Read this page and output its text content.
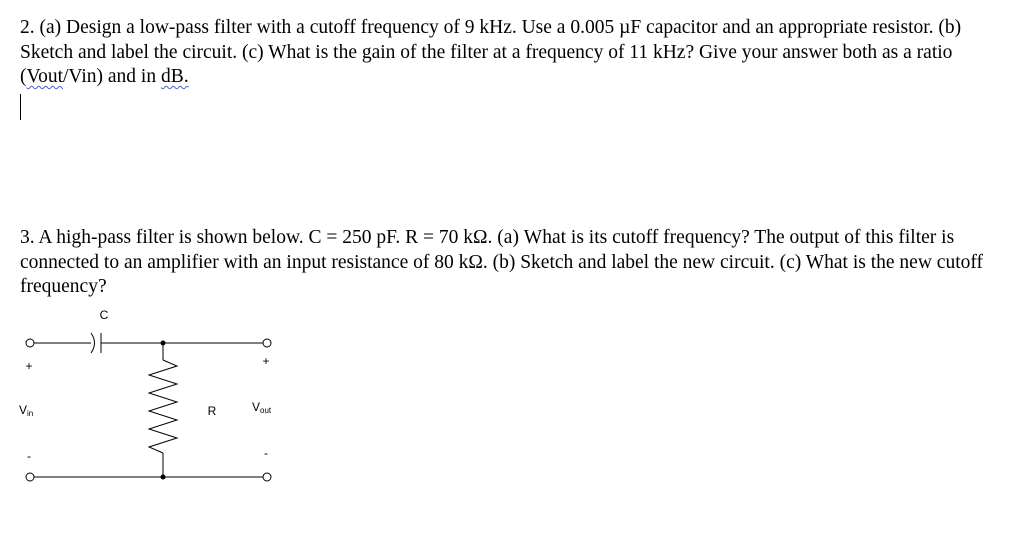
2. (a) Design a low-pass filter with a cutoff frequency of 9 kHz. Use a 0.005 µF capacitor and an appropriate resistor. (b) Sketch and label the circuit. (c) What is the gain of the filter at a frequency of 11 kHz? Give your answer both as a ratio (Vout/Vin) and in dB.

3. A high-pass filter is shown below. C = 250 pF. R = 70 kΩ. (a) What is its cutoff frequency? The output of this filter is connected to an amplifier with an input resistance of 80 kΩ. (b) Sketch and label the new circuit. (c) What is the new cutoff frequency?

C
R
+
-
+
-
Vin	Vout
